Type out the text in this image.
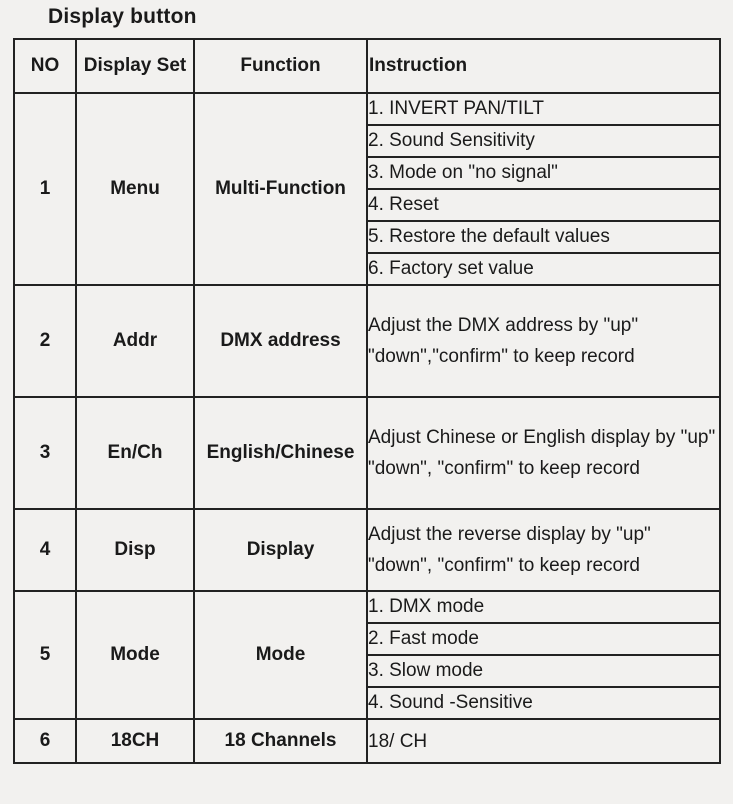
Display button
NO	Display Set	Function	Instruction
1	Menu	Multi-Function	1. INVERT PAN/TILT
			2. Sound Sensitivity
			3. Mode on "no signal"
			4. Reset
			5. Restore the default values
			6. Factory set value
2	Addr	DMX address	Adjust the DMX address by "up" "down","confirm" to keep record
3	En/Ch	English/Chinese	Adjust Chinese or English display by "up" "down", "confirm" to keep record
4	Disp	Display	Adjust the reverse display by "up" "down", "confirm" to keep record
5	Mode	Mode	1. DMX mode
			2. Fast mode
			3. Slow mode
			4. Sound -Sensitive
6	18CH	18 Channels	18/ CH
